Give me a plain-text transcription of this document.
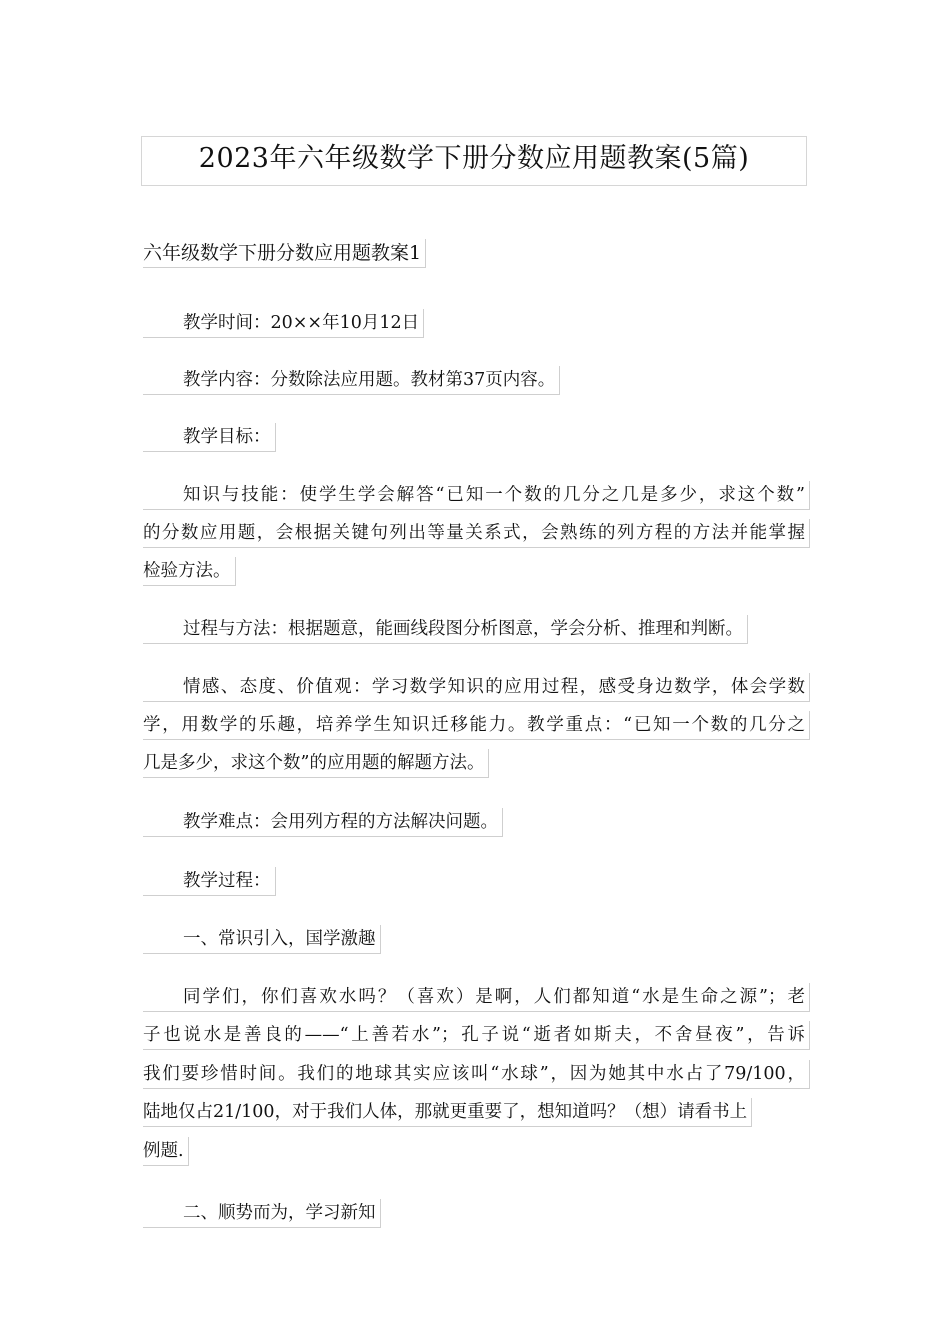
2023年六年级数学下册分数应用题教案(5篇)
六年级数学下册分数应用题教案1
教学时间：20××年10月12日
教学内容：分数除法应用题。教材第37页内容。
教学目标：
知识与技能：使学生学会解答“已知一个数的几分之几是多少，求这个数”
的分数应用题，会根据关键句列出等量关系式，会熟练的列方程的方法并能掌握
检验方法。
过程与方法：根据题意，能画线段图分析图意，学会分析、推理和判断。
情感、态度、价值观：学习数学知识的应用过程，感受身边数学，体会学数
学，用数学的乐趣，培养学生知识迁移能力。教学重点：“已知一个数的几分之
几是多少，求这个数”的应用题的解题方法。
教学难点：会用列方程的方法解决问题。
教学过程：
一、常识引入，国学激趣
同学们，你们喜欢水吗？（喜欢）是啊，人们都知道“水是生命之源”；老
子也说水是善良的——“上善若水”；孔子说“逝者如斯夫，不舍昼夜”，告诉
我们要珍惜时间。我们的地球其实应该叫“水球”，因为她其中水占了79/100，
陆地仅占21/100，对于我们人体，那就更重要了，想知道吗？（想）请看书上
例题.
二、顺势而为，学习新知
